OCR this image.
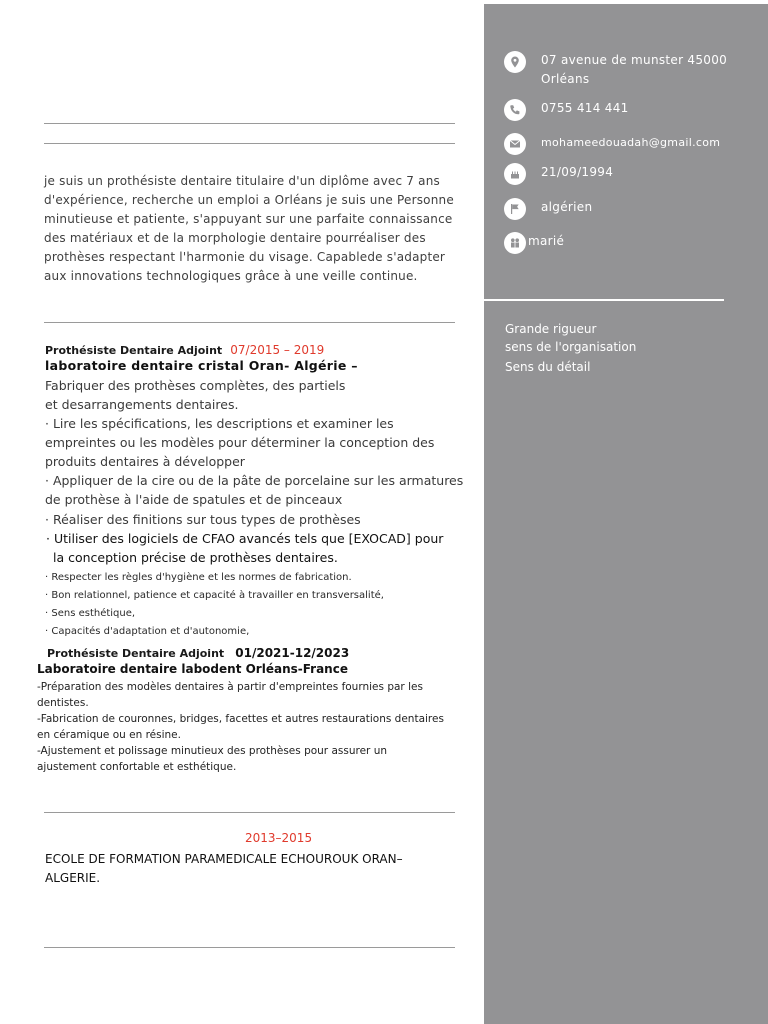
07 avenue de munster 45000
Orléans
0755 414 441
mohameedouadah@gmail.com
21/09/1994
algérien
marié
Grande rigueur
sens de l'organisation
Sens du détail

je suis un prothésiste dentaire titulaire d'un diplôme avec 7 ans d'expérience, recherche un emploi a Orléans je suis une Personne minutieuse et patiente, s'appuyant sur une parfaite connaissance des matériaux et de la morphologie dentaire pourréaliser des prothèses respectant l'harmonie du visage. Capablede s'adapter aux innovations technologiques grâce à une veille continue.

Prothésiste Dentaire Adjoint 07/2015 – 2019
laboratoire dentaire cristal Oran- Algérie –
Fabriquer des prothèses complètes, des partiels
et desarrangements dentaires.
· Lire les spécifications, les descriptions et examiner les
empreintes ou les modèles pour déterminer la conception des
produits dentaires à développer
· Appliquer de la cire ou de la pâte de porcelaine sur les armatures
de prothèse à l'aide de spatules et de pinceaux
· Réaliser des finitions sur tous types de prothèses
· Utiliser des logiciels de CFAO avancés tels que [EXOCAD] pour
la conception précise de prothèses dentaires.
· Respecter les règles d'hygiène et les normes de fabrication.
· Bon relationnel, patience et capacité à travailler en transversalité,
· Sens esthétique,
· Capacités d'adaptation et d'autonomie,
Prothésiste Dentaire Adjoint 01/2021-12/2023
Laboratoire dentaire labodent Orléans-France
-Préparation des modèles dentaires à partir d'empreintes fournies par les
dentistes.
-Fabrication de couronnes, bridges, facettes et autres restaurations dentaires
en céramique ou en résine.
-Ajustement et polissage minutieux des prothèses pour assurer un
ajustement confortable et esthétique.
2013–2015
ECOLE DE FORMATION PARAMEDICALE ECHOUROUK ORAN–
ALGERIE.
